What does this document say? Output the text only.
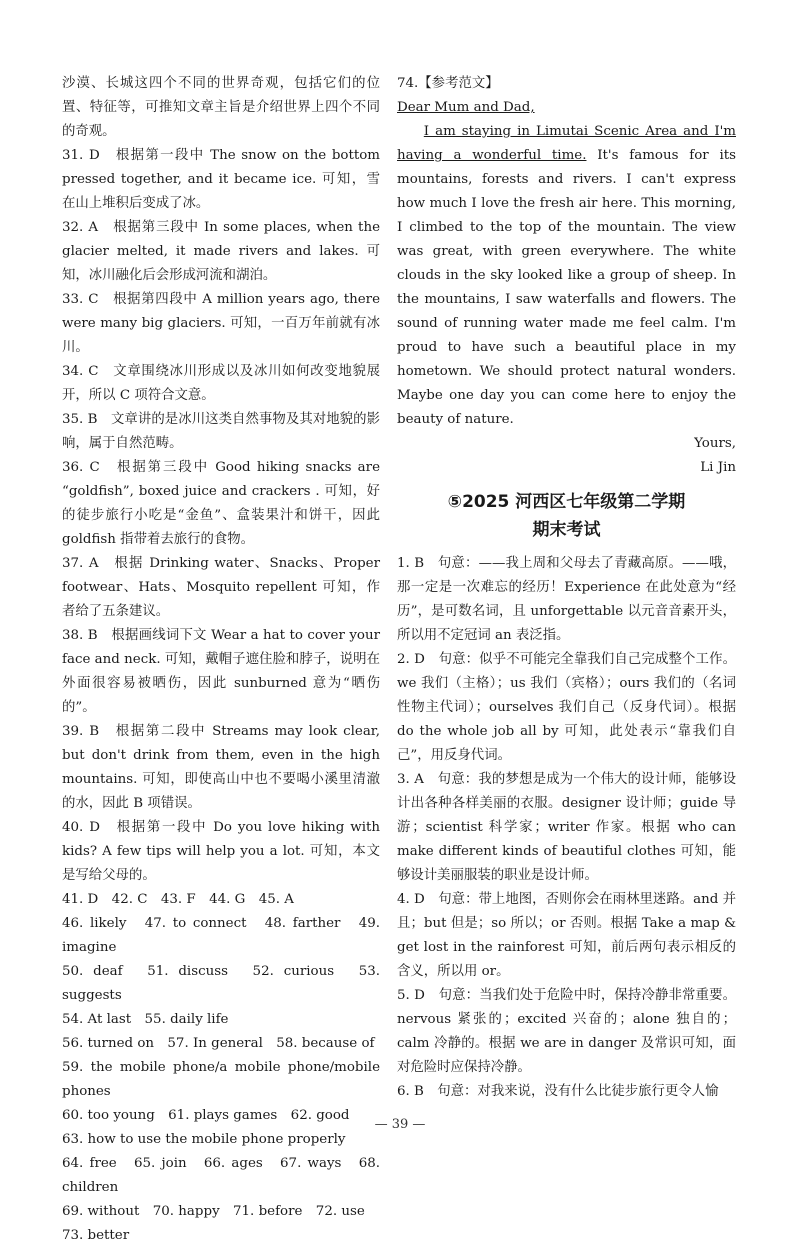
沙漠、长城这四个不同的世界奇观，包括它们的位置、特征等，可推知文章主旨是介绍世界上四个不同的奇观。

31. D　根据第一段中 The snow on the bottom pressed together, and it became ice. 可知，雪在山上堆积后变成了冰。

32. A　根据第三段中 In some places, when the glacier melted, it made rivers and lakes. 可知，冰川融化后会形成河流和湖泊。

33. C　根据第四段中 A million years ago, there were many big glaciers. 可知，一百万年前就有冰川。

34. C　文章围绕冰川形成以及冰川如何改变地貌展开，所以 C 项符合文意。

35. B　文章讲的是冰川这类自然事物及其对地貌的影响，属于自然范畴。

36. C　根据第三段中 Good hiking snacks are “goldfish”, boxed juice and crackers . 可知，好的徒步旅行小吃是“金鱼”、盒装果汁和饼干，因此 goldfish 指带着去旅行的食物。

37. A　根据 Drinking water、Snacks、Proper footwear、Hats、Mosquito repellent 可知，作者给了五条建议。

38. B　根据画线词下文 Wear a hat to cover your face and neck. 可知，戴帽子遮住脸和脖子，说明在外面很容易被晒伤，因此 sunburned 意为“晒伤的”。

39. B　根据第二段中 Streams may look clear, but don't drink from them, even in the high mountains. 可知，即使高山中也不要喝小溪里清澈的水，因此 B 项错误。

40. D　根据第一段中 Do you love hiking with kids? A few tips will help you a lot. 可知，本文是写给父母的。

41. D　42. C　43. F　44. G　45. A

46. likely　47. to connect　48. farther　49. imagine

50. deaf　51. discuss　52. curious　53. suggests

54. At last　55. daily life

56. turned on　57. In general　58. because of

59. the mobile phone/a mobile phone/mobile phones

60. too young　61. plays games　62. good

63. how to use the mobile phone properly

64. free　65. join　66. ages　67. ways　68. children

69. without　70. happy　71. before　72. use

73. better

74.【参考范文】

Dear Mum and Dad,

I am staying in Limutai Scenic Area and I'm having a wonderful time. It's famous for its mountains, forests and rivers. I can't express how much I love the fresh air here. This morning, I climbed to the top of the mountain. The view was great, with green everywhere. The white clouds in the sky looked like a group of sheep. In the mountains, I saw waterfalls and flowers. The sound of running water made me feel calm. I'm proud to have such a beautiful place in my hometown. We should protect natural wonders. Maybe one day you can come here to enjoy the beauty of nature.

Yours,

Li Jin

⑤2025 河西区七年级第二学期
期末考试

1. B　句意：——我上周和父母去了青藏高原。——哦，那一定是一次难忘的经历！Experience 在此处意为“经历”，是可数名词，且 unforgettable 以元音音素开头，所以用不定冠词 an 表泛指。

2. D　句意：似乎不可能完全靠我们自己完成整个工作。we 我们（主格）；us 我们（宾格）；ours 我们的（名词性物主代词）；ourselves 我们自己（反身代词）。根据 do the whole job all by 可知，此处表示“靠我们自己”，用反身代词。

3. A　句意：我的梦想是成为一个伟大的设计师，能够设计出各种各样美丽的衣服。designer 设计师；guide 导游；scientist 科学家；writer 作家。根据 who can make different kinds of beautiful clothes 可知，能够设计美丽服装的职业是设计师。

4. D　句意：带上地图，否则你会在雨林里迷路。and 并且；but 但是；so 所以；or 否则。根据 Take a map & get lost in the rainforest 可知，前后两句表示相反的含义，所以用 or。

5. D　句意：当我们处于危险中时，保持冷静非常重要。nervous 紧张的；excited 兴奋的；alone 独自的；calm 冷静的。根据 we are in danger 及常识可知，面对危险时应保持冷静。

6. B　句意：对我来说，没有什么比徒步旅行更令人愉

— 39 —
